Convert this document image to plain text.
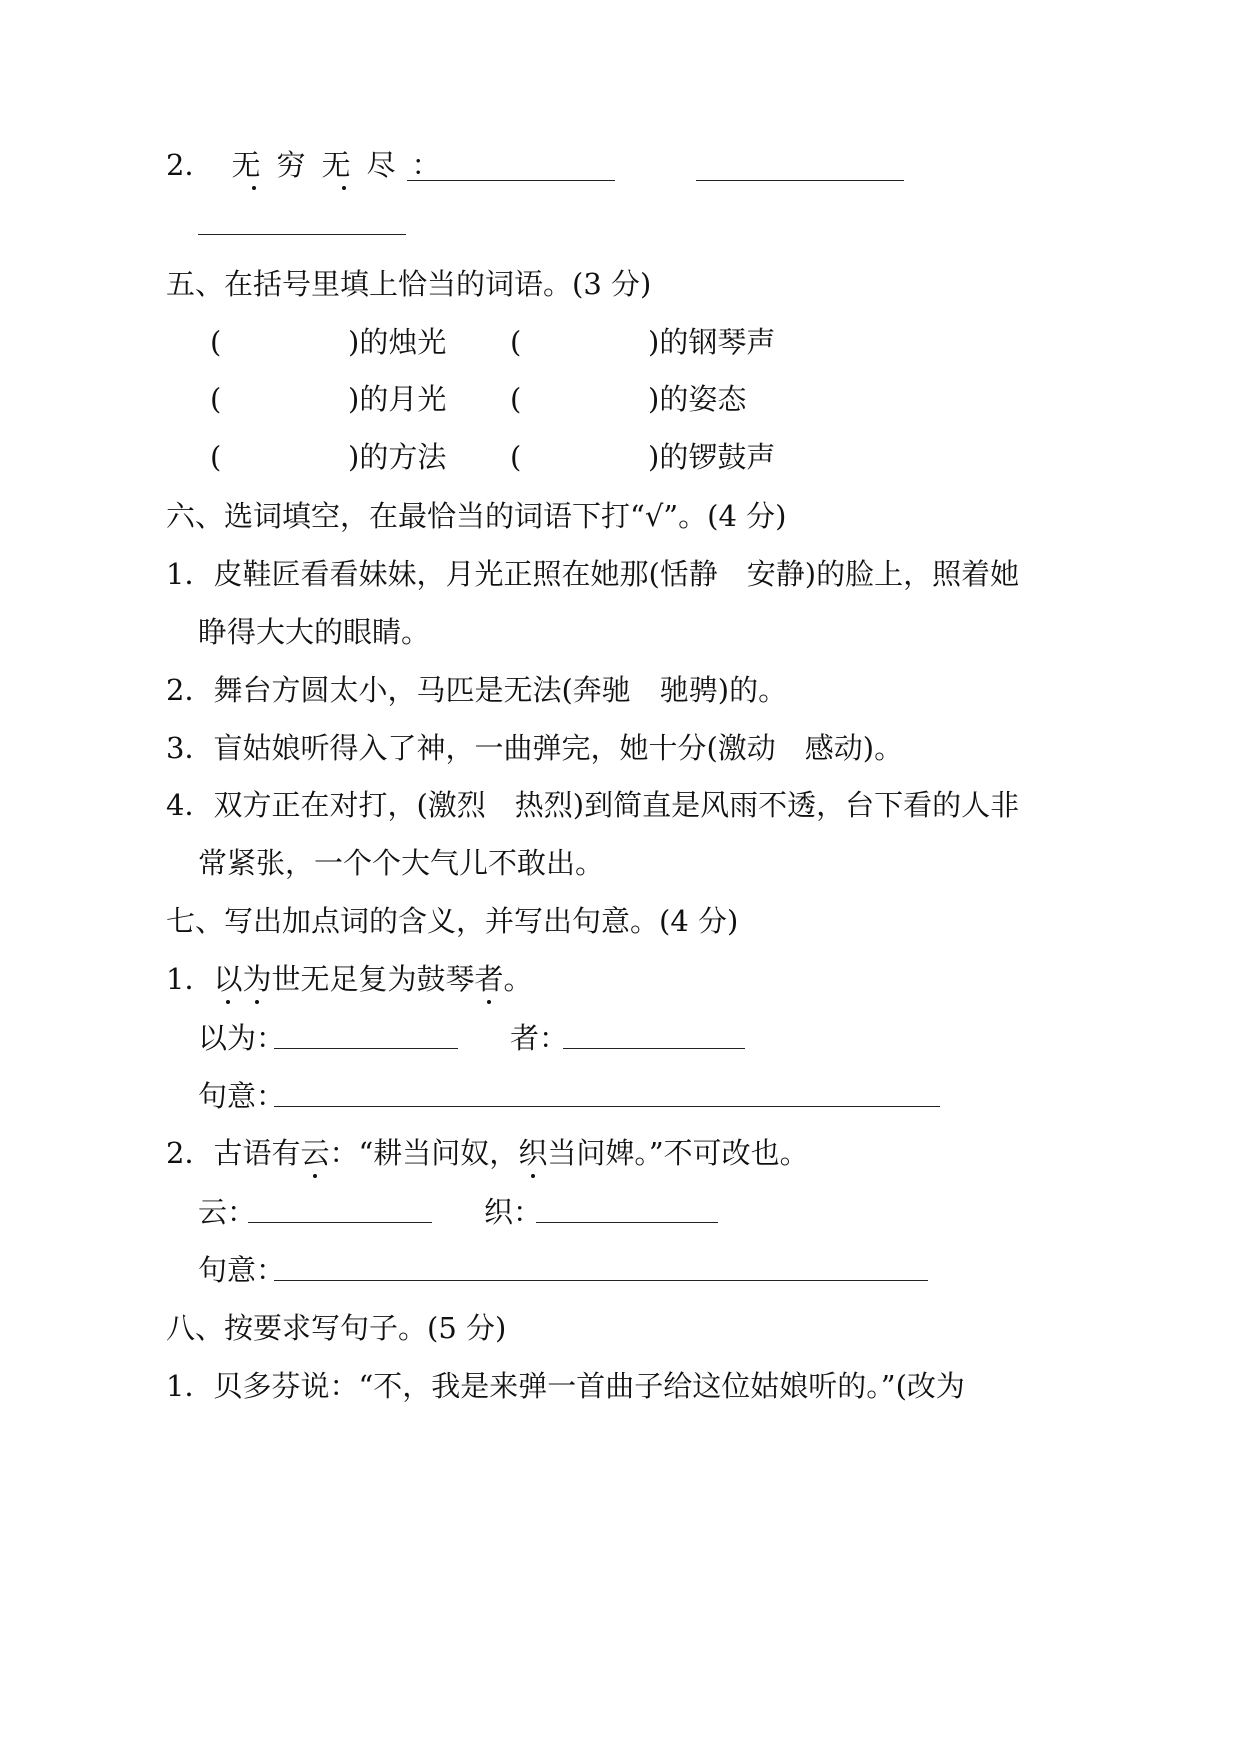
2． 无穷无尽：
五、在括号里填上恰当的词语。(3 分)
(	)的烛光 (	)的钢琴声
(	)的月光 (	)的姿态
(	)的方法 (	)的锣鼓声
六、选词填空，在最恰当的词语下打“√”。(4 分)
1．皮鞋匠看看妹妹，月光正照在她那(恬静　安静)的脸上，照着她
睁得大大的眼睛。
2．舞台方圆太小，马匹是无法(奔驰　驰骋)的。
3．盲姑娘听得入了神，一曲弹完，她十分(激动　感动)。
4．双方正在对打，(激烈　热烈)到简直是风雨不透，台下看的人非
常紧张，一个个大气儿不敢出。
七、写出加点词的含义，并写出句意。(4 分)
1．以为世无足复为鼓琴者。
以为：	者：
句意：
2．古语有云：“耕当问奴，织当问婢。”不可改也。
云：	织：
句意：
八、按要求写句子。(5 分)
1．贝多芬说：“不，我是来弹一首曲子给这位姑娘听的。”(改为
